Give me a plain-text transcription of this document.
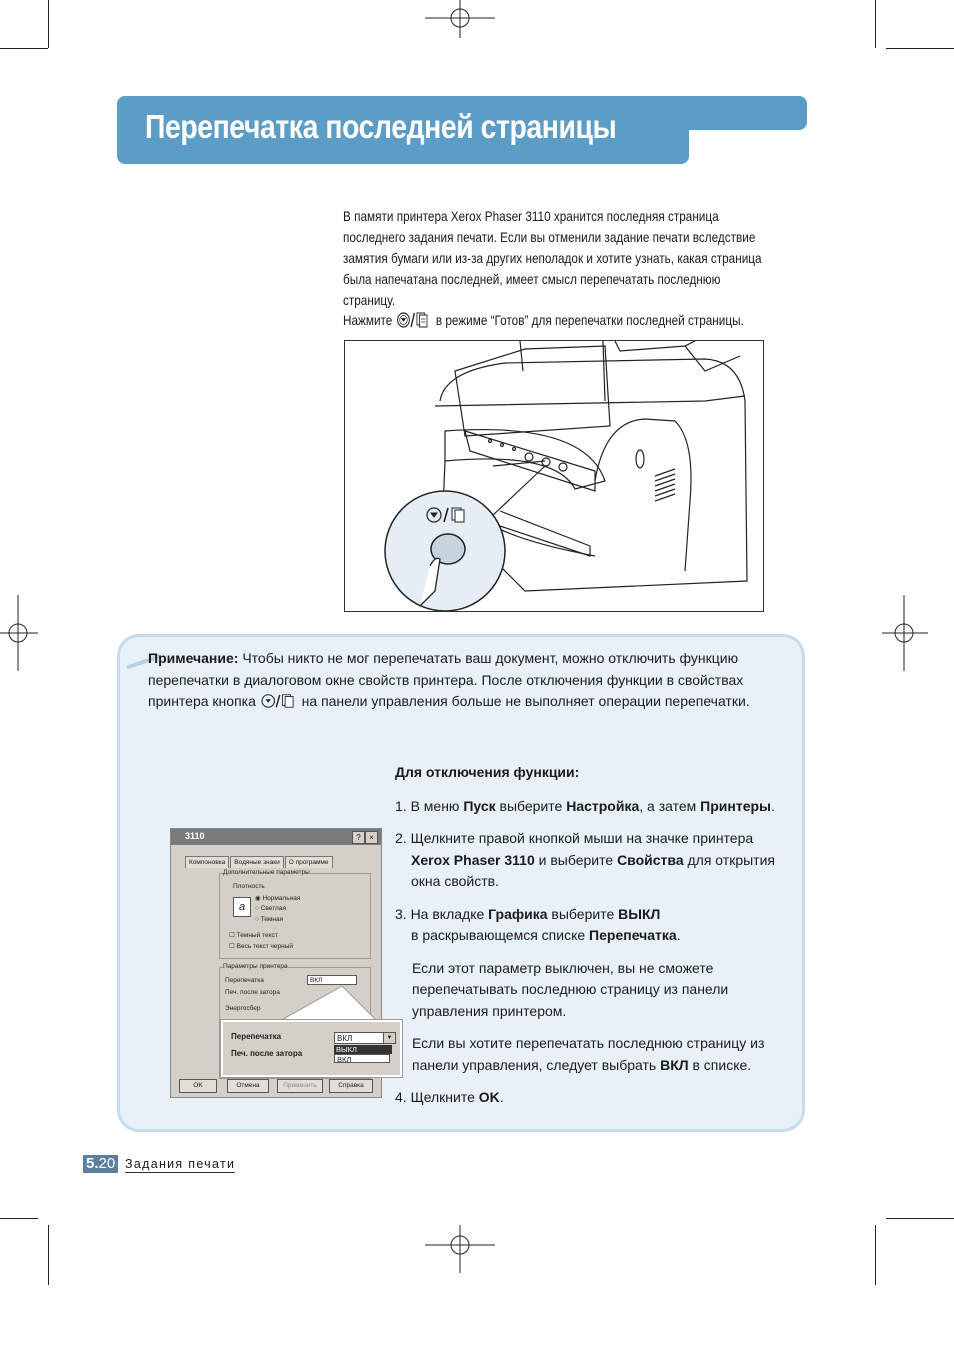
Перепечатка последней страницы
В памяти принтера Xerox Phaser 3110 хранится последняя страница последнего задания печати. Если вы отменили задание печати вследствие замятия бумаги или из-за других неполадок и хотите узнать, какая страница была напечатана последней, имеет смысл перепечатать последнюю страницу.
Нажмите	в режиме “Готов” для перепечатки последней страницы.
Примечание: Чтобы никто не мог перепечатать ваш документ, можно отключить функцию перепечатки в диалоговом окне свойств принтера. После отключения функции в свойствах принтера кнопка	на панели управления больше не выполняет операции перепечатки.
Для отключения функции:
1. В меню Пуск выберите Настройка, а затем Принтеры.
2. Щелкните правой кнопкой мыши на значке принтера
Xerox Phaser 3110 и выберите Свойства для открытия
окна свойств.
3. На вкладке Графика выберите ВЫКЛ
в раскрывающемся списке Перепечатка.
Если этот параметр выключен, вы не сможете перепечатывать последнюю страницу из панели управления принтером.
Если вы хотите перепечатать последнюю страницу из панели управления, следует выбрать ВКЛ в списке.
4. Щелкните OK.
3110	?	×
Компоновка Водяные знаки О программе
Дополнительные параметры
Плотность
a
◉ Нормальная
○ Светлая
○ Темная
☐ Темный текст
☐ Весь текст черный
Параметры принтера
Перепечатка	ВКЛ
Печ. после затора
Энергосбер
OK	Отмена	Применить	Справка
Перепечатка
Печ. после затора
ВКЛ	▼
ВЫКЛ
ВКЛ
5.20 Задания печати
